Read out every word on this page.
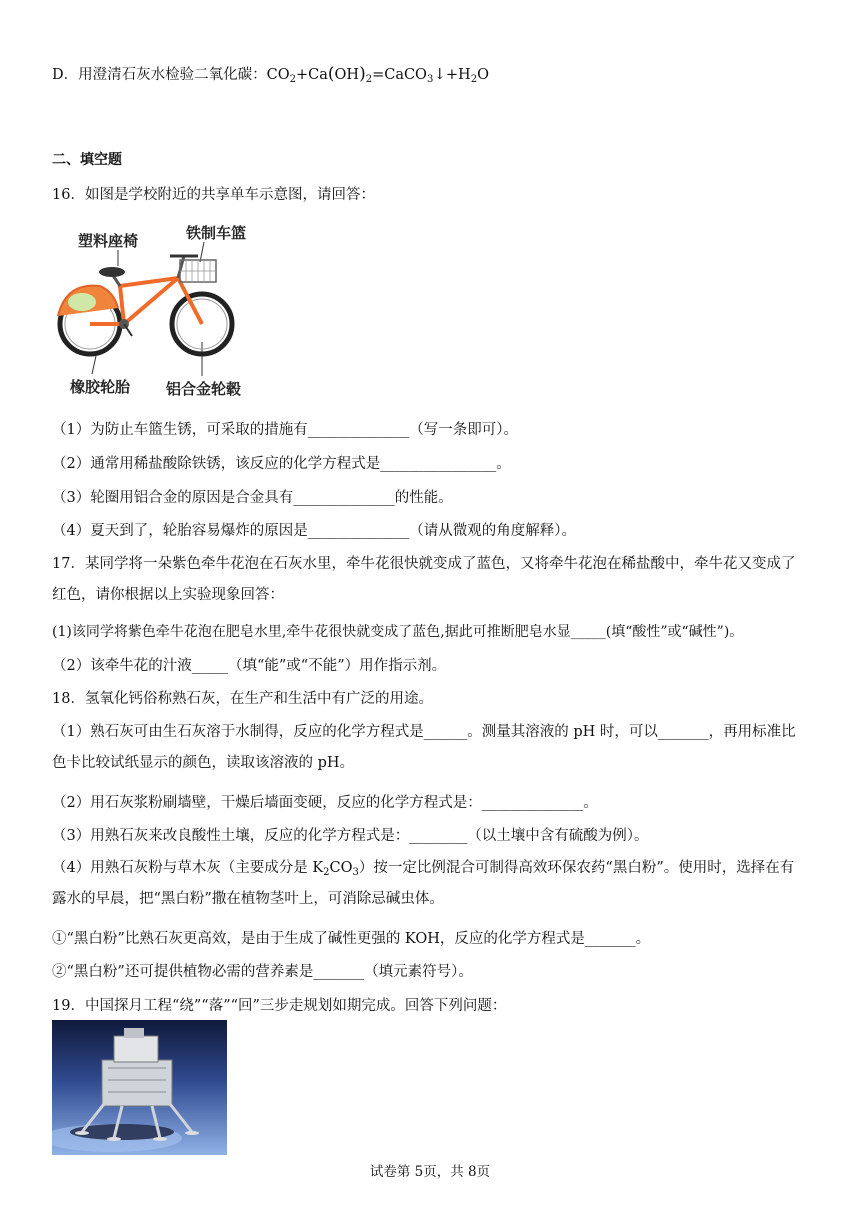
D．用澄清石灰水检验二氧化碳：$CO_2+Ca(OH)_2=CaCO_3↓+H_2O$
二、填空题
16．如图是学校附近的共享单车示意图，请回答：
塑料座椅	铁制车篮
橡胶轮胎 铝合金轮毂
（1）为防止车篮生锈，可采取的措施有______________（写一条即可）。
（2）通常用稀盐酸除铁锈，该反应的化学方程式是________________。
（3）轮圈用铝合金的原因是合金具有______________的性能。
（4）夏天到了，轮胎容易爆炸的原因是______________（请从微观的角度解释）。
17．某同学将一朵紫色牵牛花泡在石灰水里，牵牛花很快就变成了蓝色，又将牵牛花泡在稀盐酸中，牵牛花又变成了红色，请你根据以上实验现象回答：
(1)该同学将紫色牵牛花泡在肥皂水里,牵牛花很快就变成了蓝色,据此可推断肥皂水显_____(填“酸性”或“碱性”)。
（2）该牵牛花的汁液_____（填“能”或“不能”）用作指示剂。
18．氢氧化钙俗称熟石灰，在生产和生活中有广泛的用途。
（1）熟石灰可由生石灰溶于水制得，反应的化学方程式是______。测量其溶液的 pH 时，可以_______，再用标准比色卡比较试纸显示的颜色，读取该溶液的 pH。
（2）用石灰浆粉刷墙壁，干燥后墙面变硬，反应的化学方程式是：______________。
（3）用熟石灰来改良酸性土壤，反应的化学方程式是：________（以土壤中含有硫酸为例）。
（4）用熟石灰粉与草木灰（主要成分是 $K_2CO_3$）按一定比例混合可制得高效环保农药“黑白粉”。使用时，选择在有露水的早晨，把“黑白粉”撒在植物茎叶上，可消除忌碱虫体。
①“黑白粉”比熟石灰更高效，是由于生成了碱性更强的 KOH，反应的化学方程式是_______。
②“黑白粉”还可提供植物必需的营养素是_______（填元素符号）。
19．中国探月工程“绕”“落”“回”三步走规划如期完成。回答下列问题：
试卷第 5页，共 8页
